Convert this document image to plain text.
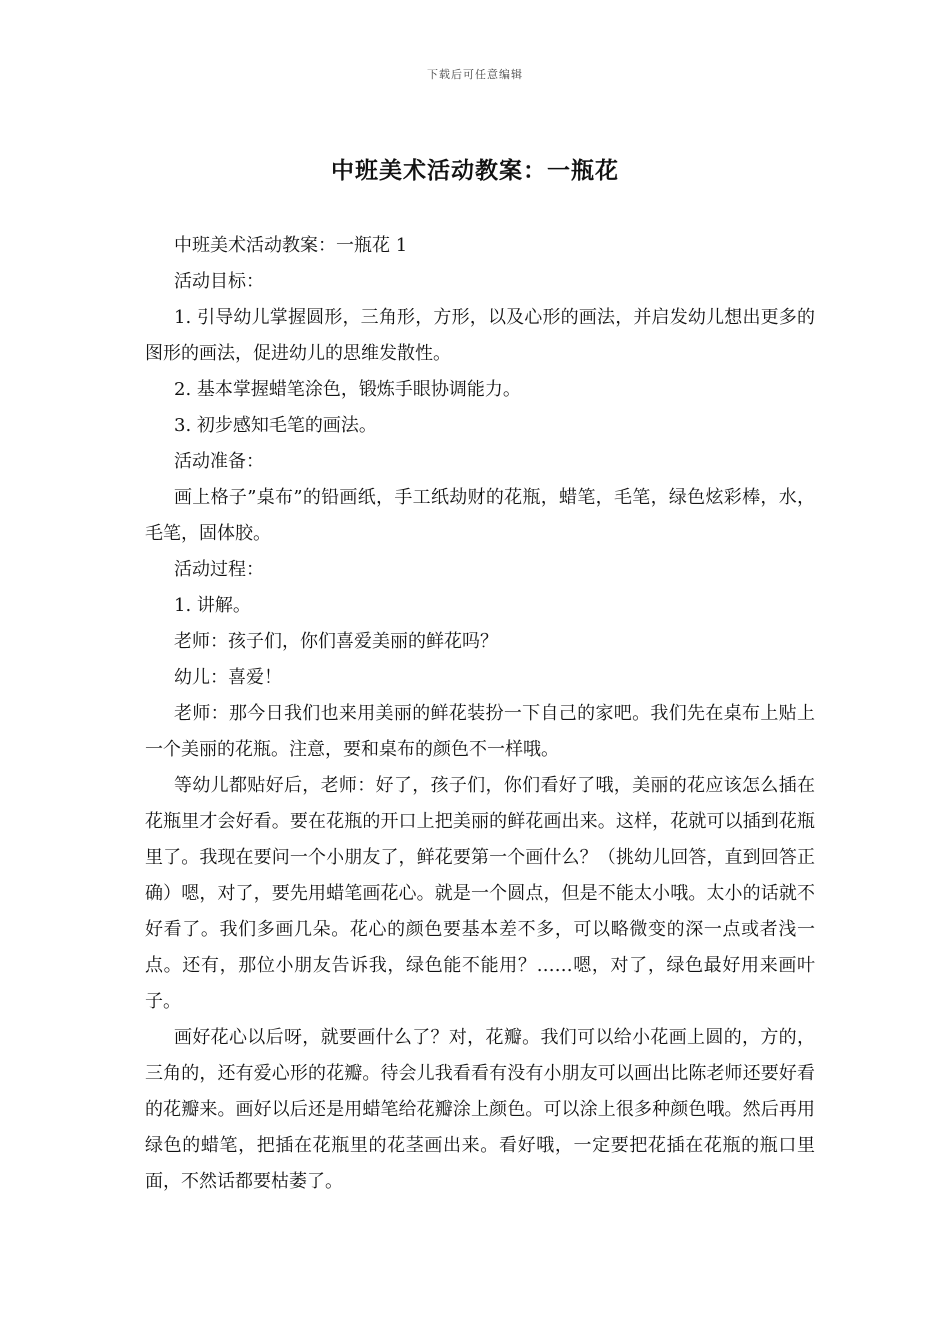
下载后可任意编辑
中班美术活动教案：一瓶花

中班美术活动教案：一瓶花 1

活动目标：

1. 引导幼儿掌握圆形，三角形，方形，以及心形的画法，并启发幼儿想出更多的图形的画法，促进幼儿的思维发散性。

2. 基本掌握蜡笔涂色，锻炼手眼协调能力。

3. 初步感知毛笔的画法。

活动准备：

画上格子”桌布”的铅画纸，手工纸劫财的花瓶，蜡笔，毛笔，绿色炫彩棒，水，毛笔，固体胶。

活动过程：

1. 讲解。

老师：孩子们，你们喜爱美丽的鲜花吗？

幼儿：喜爱！

老师：那今日我们也来用美丽的鲜花装扮一下自己的家吧。我们先在桌布上贴上一个美丽的花瓶。注意，要和桌布的颜色不一样哦。

等幼儿都贴好后，老师：好了，孩子们，你们看好了哦，美丽的花应该怎么插在花瓶里才会好看。要在花瓶的开口上把美丽的鲜花画出来。这样，花就可以插到花瓶里了。我现在要问一个小朋友了，鲜花要第一个画什么？（挑幼儿回答，直到回答正确）嗯，对了，要先用蜡笔画花心。就是一个圆点，但是不能太小哦。太小的话就不好看了。我们多画几朵。花心的颜色要基本差不多，可以略微变的深一点或者浅一点。还有，那位小朋友告诉我，绿色能不能用？……嗯，对了，绿色最好用来画叶子。

画好花心以后呀，就要画什么了？对，花瓣。我们可以给小花画上圆的，方的，三角的，还有爱心形的花瓣。待会儿我看看有没有小朋友可以画出比陈老师还要好看的花瓣来。画好以后还是用蜡笔给花瓣涂上颜色。可以涂上很多种颜色哦。然后再用绿色的蜡笔，把插在花瓶里的花茎画出来。看好哦，一定要把花插在花瓶的瓶口里面，不然话都要枯萎了。
